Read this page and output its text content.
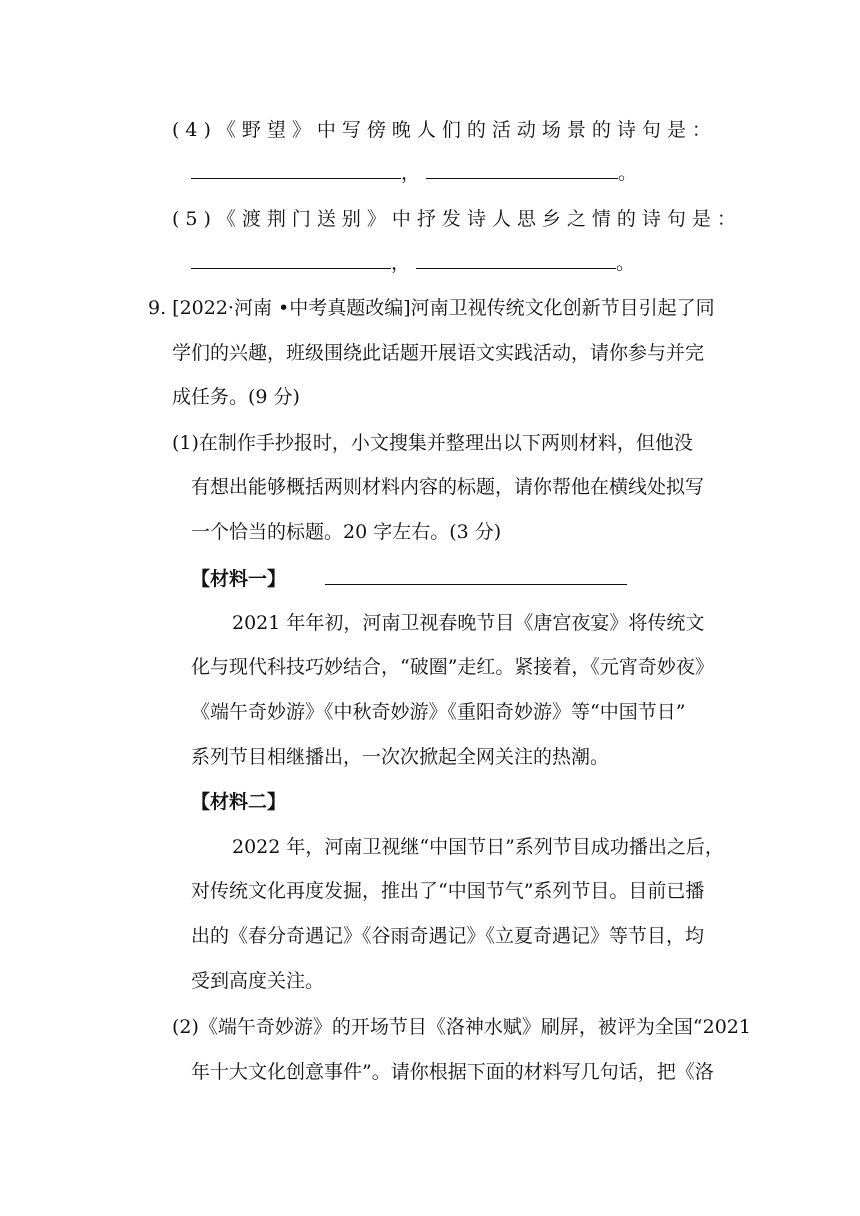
(4)《野望》中写傍晚人们的活动场景的诗句是：
，	。
(5)《渡荆门送别》中抒发诗人思乡之情的诗句是：
，	。
9. [2022·河南 •中考真题改编]河南卫视传统文化创新节目引起了同
学们的兴趣，班级围绕此话题开展语文实践活动，请你参与并完
成任务。(9 分)
(1)在制作手抄报时，小文搜集并整理出以下两则材料，但他没
有想出能够概括两则材料内容的标题，请你帮他在横线处拟写
一个恰当的标题。20 字左右。(3 分)
【材料一】
2021 年年初，河南卫视春晚节目《唐宫夜宴》将传统文
化与现代科技巧妙结合，“破圈”走红。紧接着，《元宵奇妙夜》
《端午奇妙游》《中秋奇妙游》《重阳奇妙游》等“中国节日”
系列节目相继播出，一次次掀起全网关注的热潮。
【材料二】
2022 年，河南卫视继“中国节日”系列节目成功播出之后，
对传统文化再度发掘，推出了“中国节气”系列节目。目前已播
出的《春分奇遇记》《谷雨奇遇记》《立夏奇遇记》等节目，均
受到高度关注。
(2)《端午奇妙游》的开场节目《洛神水赋》刷屏，被评为全国“2021
年十大文化创意事件”。请你根据下面的材料写几句话，把《洛
